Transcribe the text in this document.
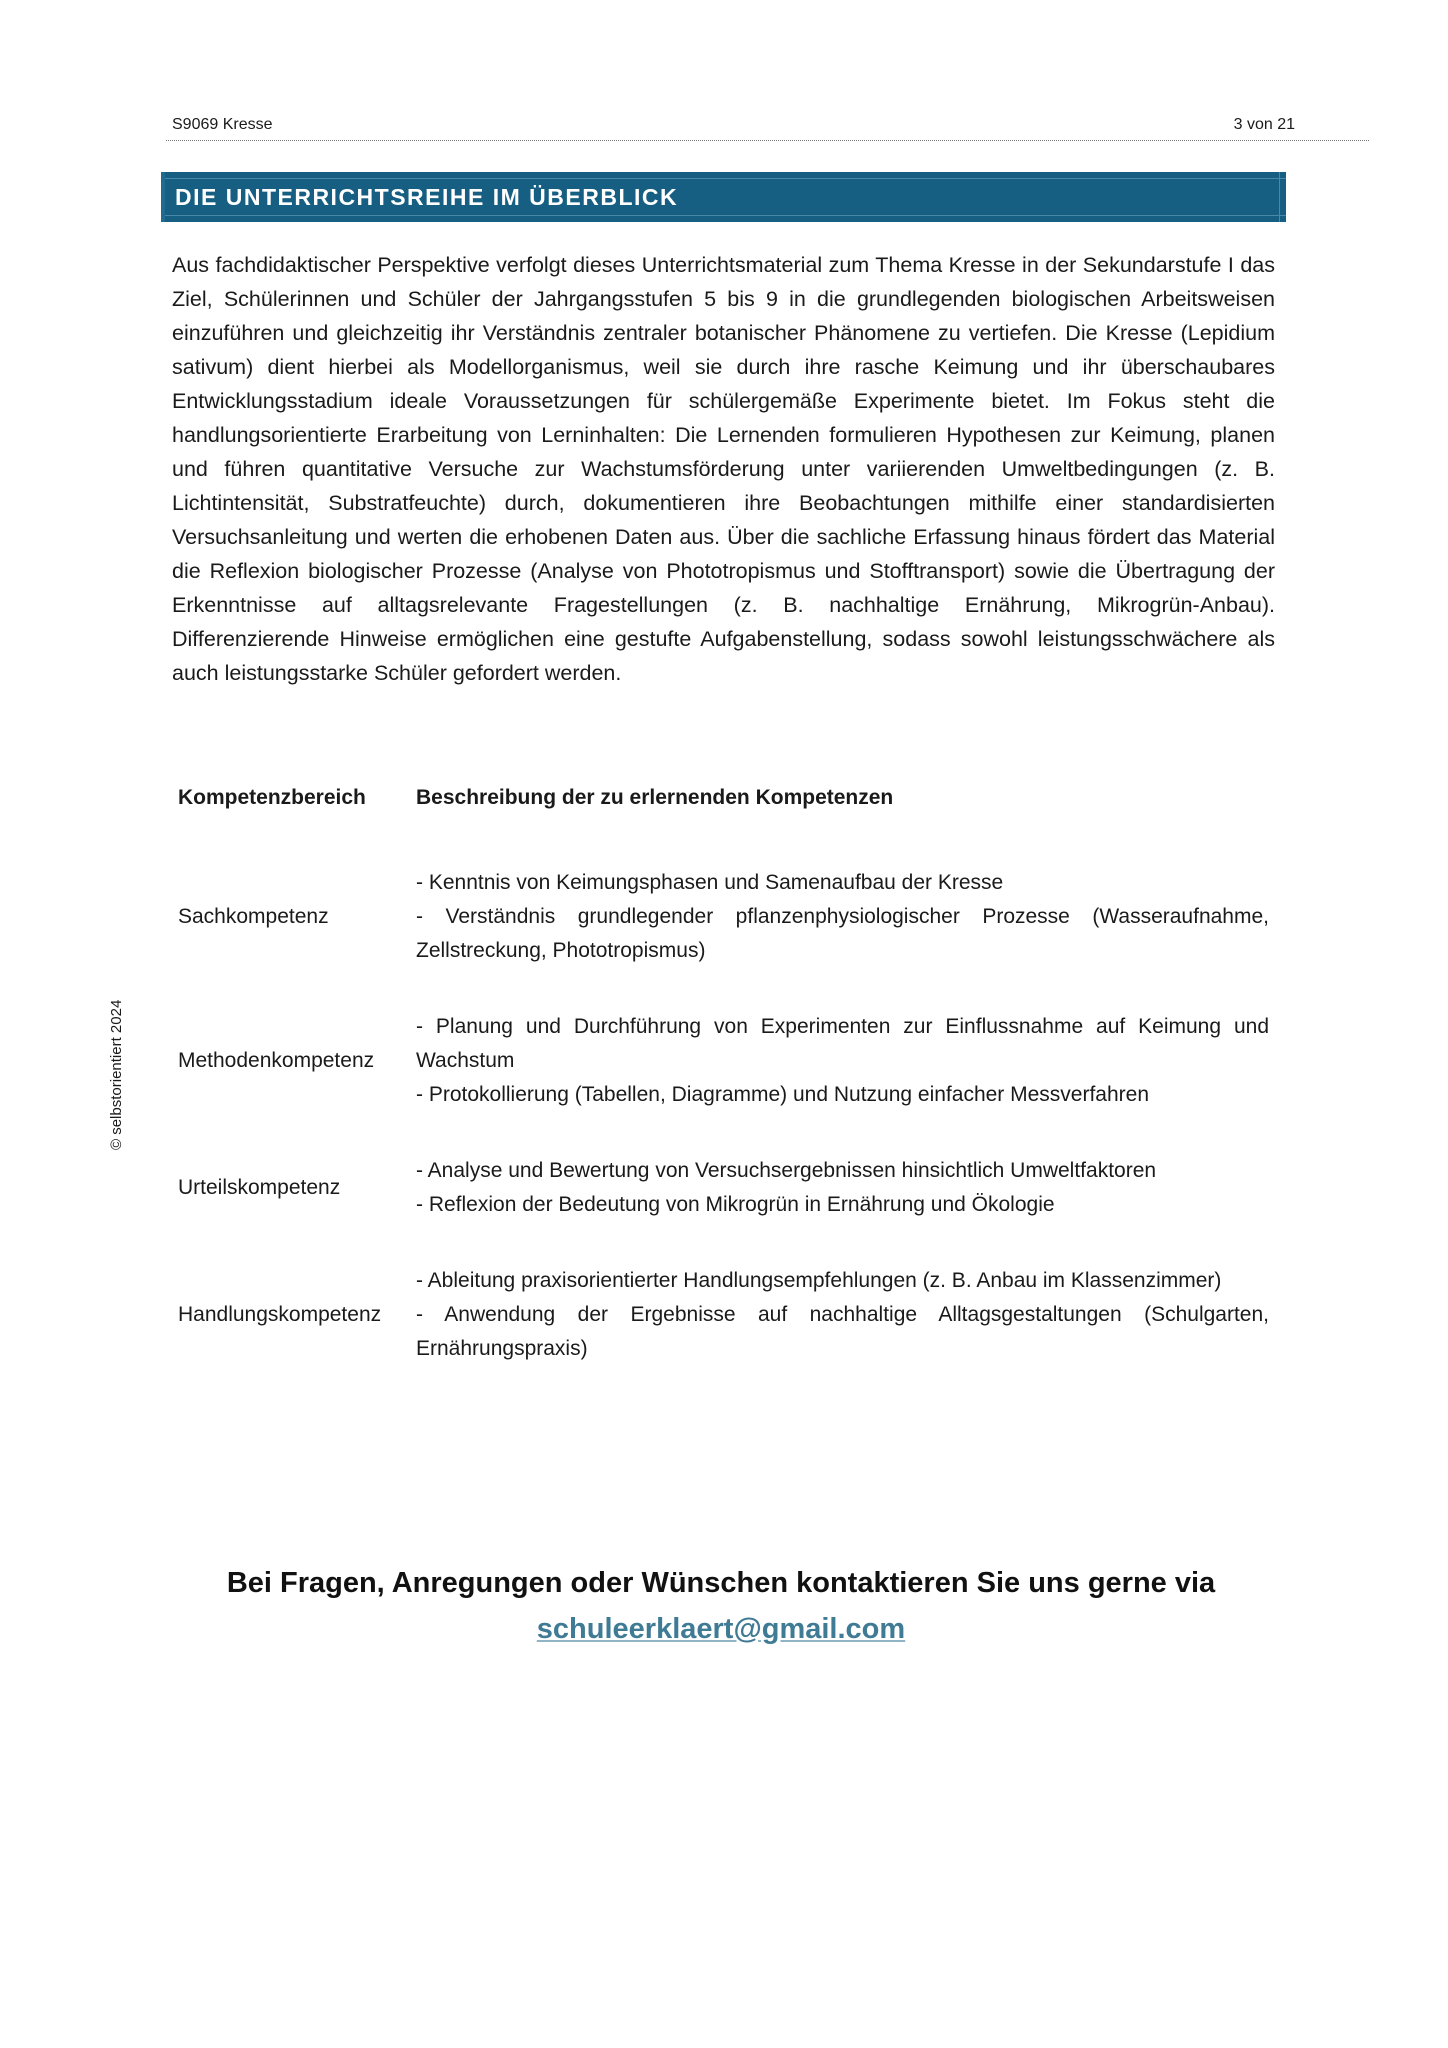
S9069 Kresse	3 von 21
© selbstorientiert 2024
DIE UNTERRICHTSREIHE IM ÜBERBLICK

Aus fachdidaktischer Perspektive verfolgt dieses Unterrichtsmaterial zum Thema Kresse in der Sekundarstufe I das Ziel, Schülerinnen und Schüler der Jahrgangsstufen 5 bis 9 in die grundlegenden biologischen Arbeitsweisen einzuführen und gleichzeitig ihr Verständnis zentraler botanischer Phänomene zu vertiefen. Die Kresse (Lepidium sativum) dient hierbei als Modellorganismus, weil sie durch ihre rasche Keimung und ihr überschaubares Entwicklungsstadium ideale Voraussetzungen für schülergemäße Experimente bietet. Im Fokus steht die handlungsorientierte Erarbeitung von Lerninhalten: Die Lernenden formulieren Hypothesen zur Keimung, planen und führen quantitative Versuche zur Wachstumsförderung unter variierenden Umweltbedingungen (z. B. Lichtintensität, Substratfeuchte) durch, dokumentieren ihre Beobachtungen mithilfe einer standardisierten Versuchsanleitung und werten die erhobenen Daten aus. Über die sachliche Erfassung hinaus fördert das Material die Reflexion biologischer Prozesse (Analyse von Phototropismus und Stofftransport) sowie die Übertragung der Erkenntnisse auf alltagsrelevante Fragestellungen (z. B. nachhaltige Ernährung, Mikrogrün-Anbau). Differenzierende Hinweise ermöglichen eine gestufte Aufgabenstellung, sodass sowohl leistungsschwächere als auch leistungsstarke Schüler gefordert werden.

Kompetenzbereich	Beschreibung der zu erlernenden Kompetenzen

Sachkompetenz	- Kenntnis von Keimungsphasen und Samenaufbau der Kresse
- Verständnis grundlegender pflanzenphysiologischer Prozesse (Wasseraufnahme, Zellstreckung, Phototropismus)

Methodenkompetenz	- Planung und Durchführung von Experimenten zur Einflussnahme auf Keimung und Wachstum
- Protokollierung (Tabellen, Diagramme) und Nutzung einfacher Messverfahren

Urteilskompetenz	- Analyse und Bewertung von Versuchsergebnissen hinsichtlich Umweltfaktoren
- Reflexion der Bedeutung von Mikrogrün in Ernährung und Ökologie

Handlungskompetenz	- Ableitung praxisorientierter Handlungsempfehlungen (z. B. Anbau im Klassenzimmer)
- Anwendung der Ergebnisse auf nachhaltige Alltagsgestaltungen (Schulgarten, Ernährungspraxis)
Bei Fragen, Anregungen oder Wünschen kontaktieren Sie uns gerne via
schuleerklaert@gmail.com
